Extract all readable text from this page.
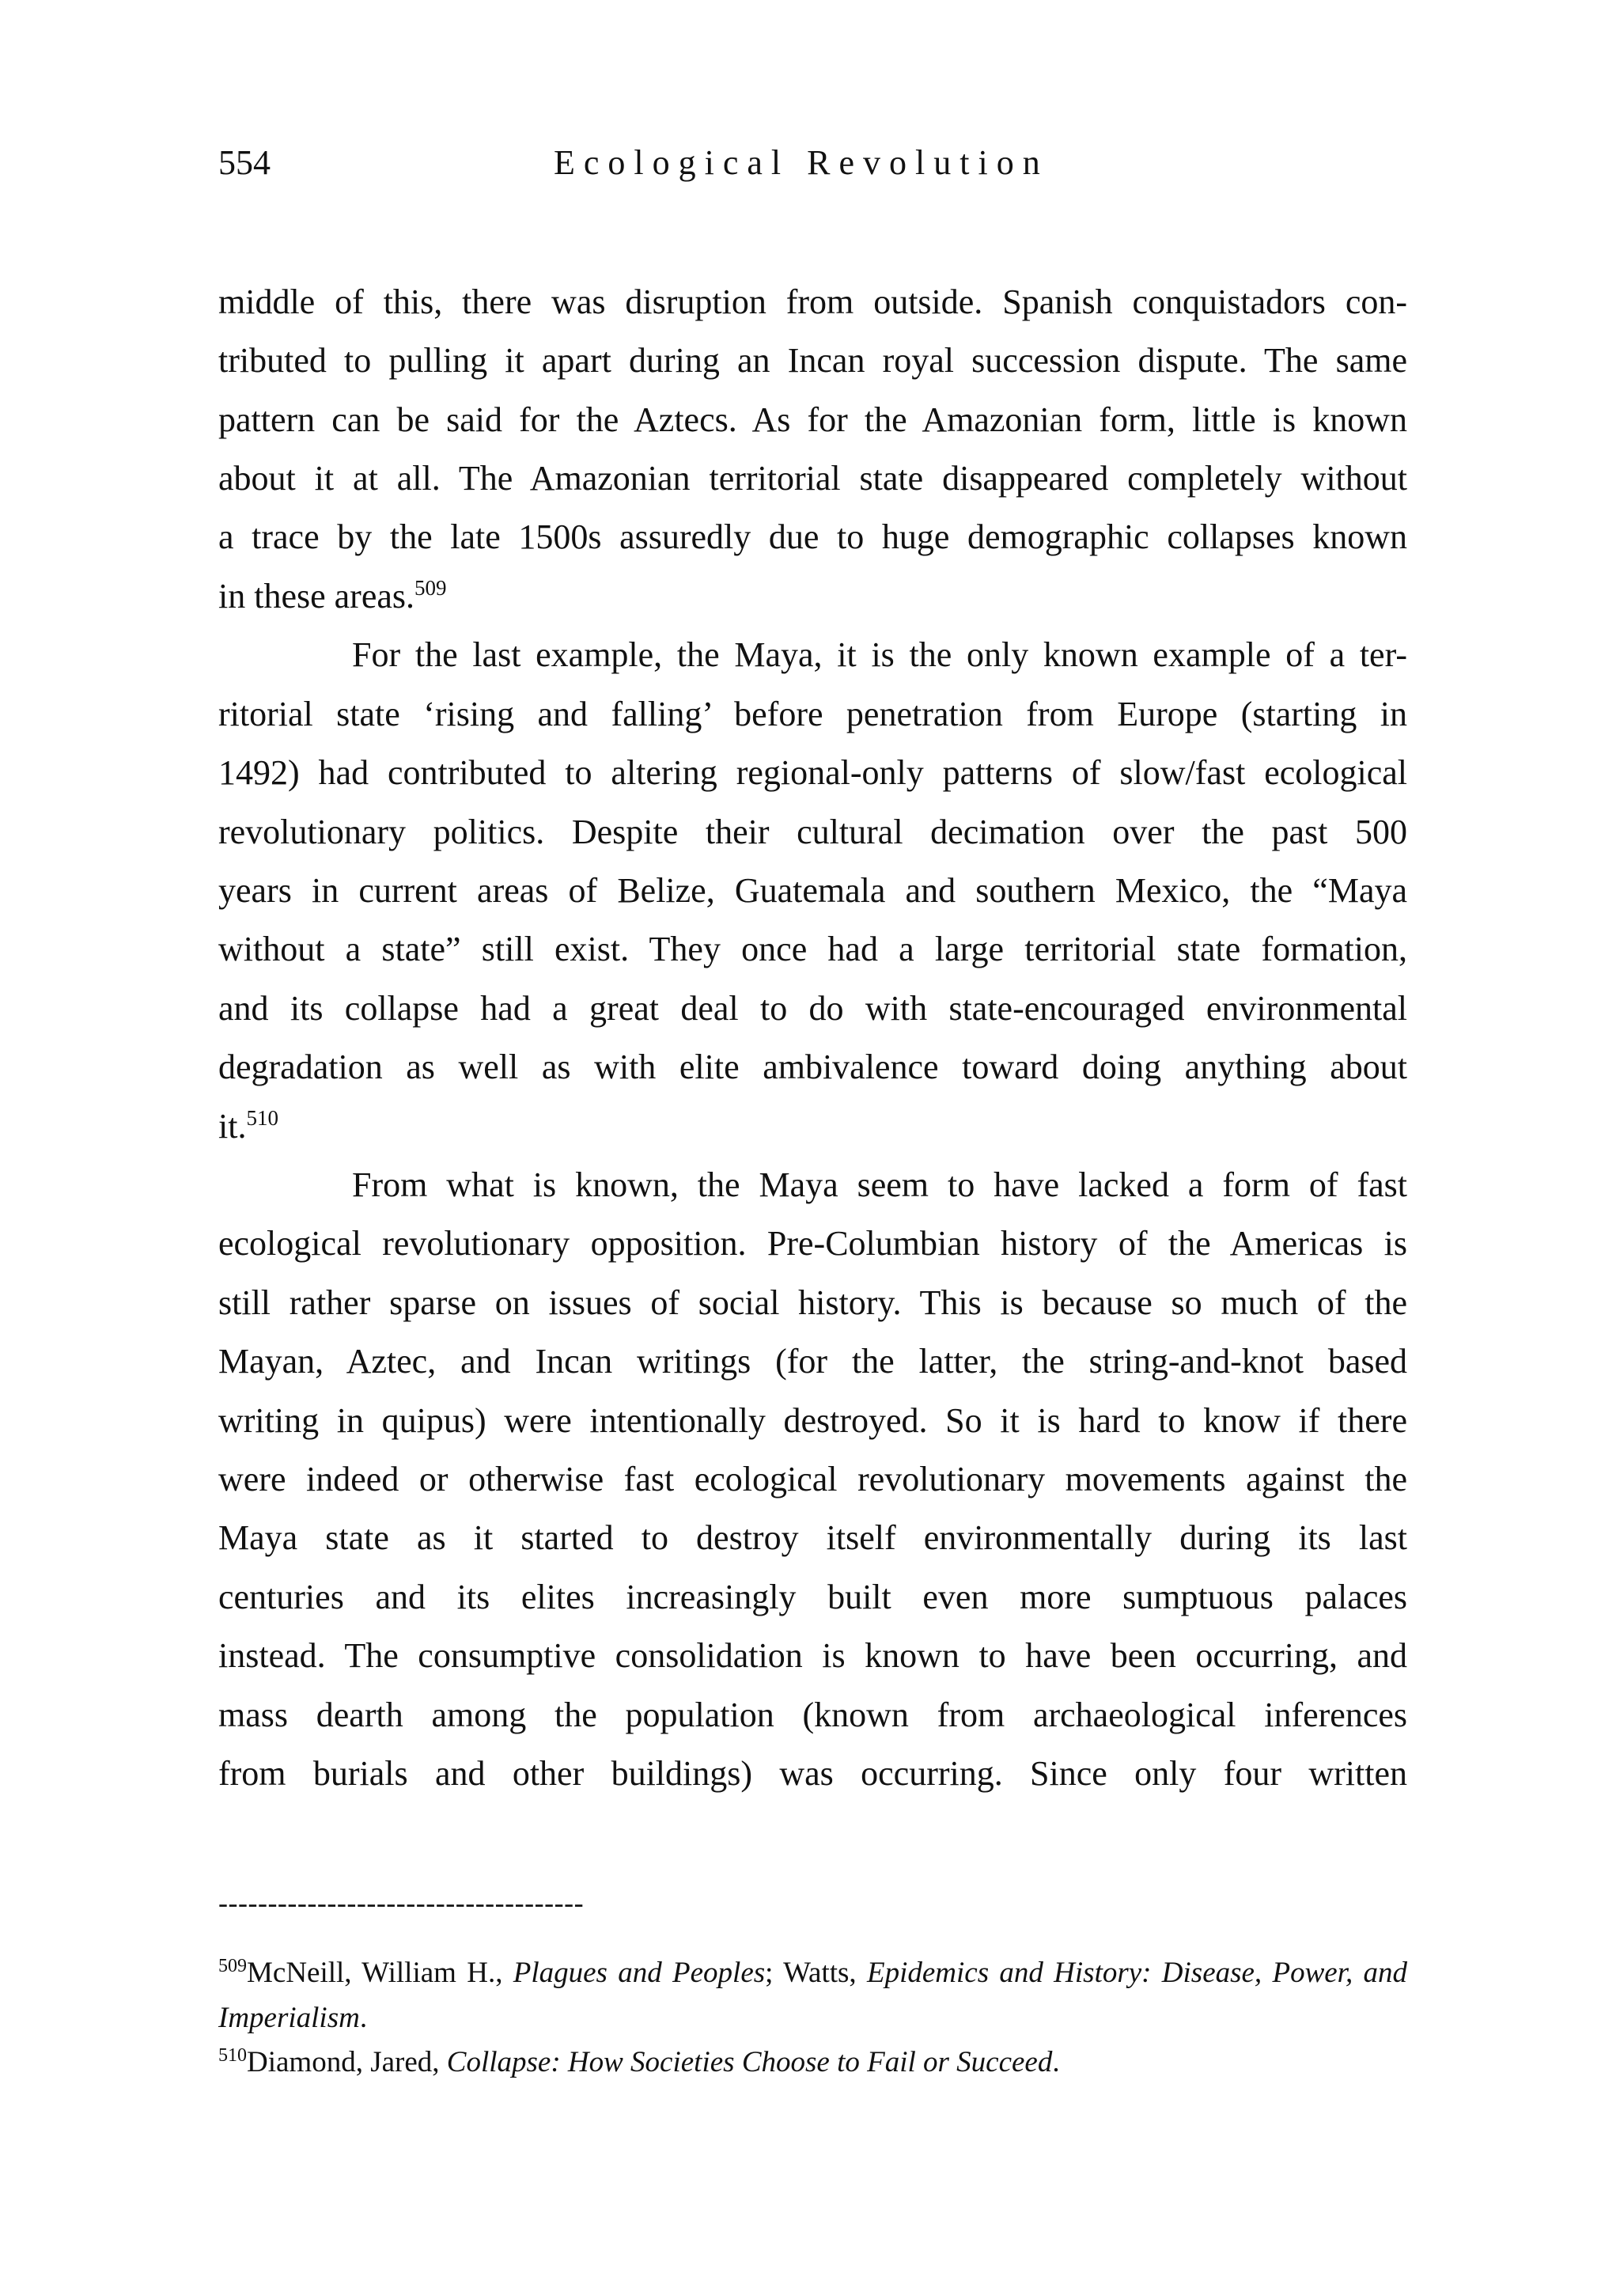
554	Ecological Revolution
middle of this, there was disruption from outside. Spanish conquistadors con-
tributed to pulling it apart during an Incan royal succession dispute. The same
pattern can be said for the Aztecs. As for the Amazonian form, little is known
about it at all. The Amazonian territorial state disappeared completely without
a trace by the late 1500s assuredly due to huge demographic collapses known
in these areas.$^{509}$
For the last example, the Maya, it is the only known example of a ter-
ritorial state ‘rising and falling’ before penetration from Europe (starting in
1492) had contributed to altering regional-only patterns of slow/fast ecological
revolutionary politics. Despite their cultural decimation over the past 500
years in current areas of Belize, Guatemala and southern Mexico, the “Maya
without a state” still exist. They once had a large territorial state formation,
and its collapse had a great deal to do with state-encouraged environmental
degradation as well as with elite ambivalence toward doing anything about
it.$^{510}$
From what is known, the Maya seem to have lacked a form of fast
ecological revolutionary opposition. Pre-Columbian history of the Americas is
still rather sparse on issues of social history. This is because so much of the
Mayan, Aztec, and Incan writings (for the latter, the string-and-knot based
writing in quipus) were intentionally destroyed. So it is hard to know if there
were indeed or otherwise fast ecological revolutionary movements against the
Maya state as it started to destroy itself environmentally during its last
centuries and its elites increasingly built even more sumptuous palaces
instead. The consumptive consolidation is known to have been occurring, and
mass dearth among the population (known from archaeological inferences
from burials and other buildings) was occurring. Since only four written
-------------------------------------
$^{509}$McNeill, William H., Plagues and Peoples; Watts, Epidemics and History: Disease, Power, and
Imperialism.
$^{510}$Diamond, Jared, Collapse: How Societies Choose to Fail or Succeed.
